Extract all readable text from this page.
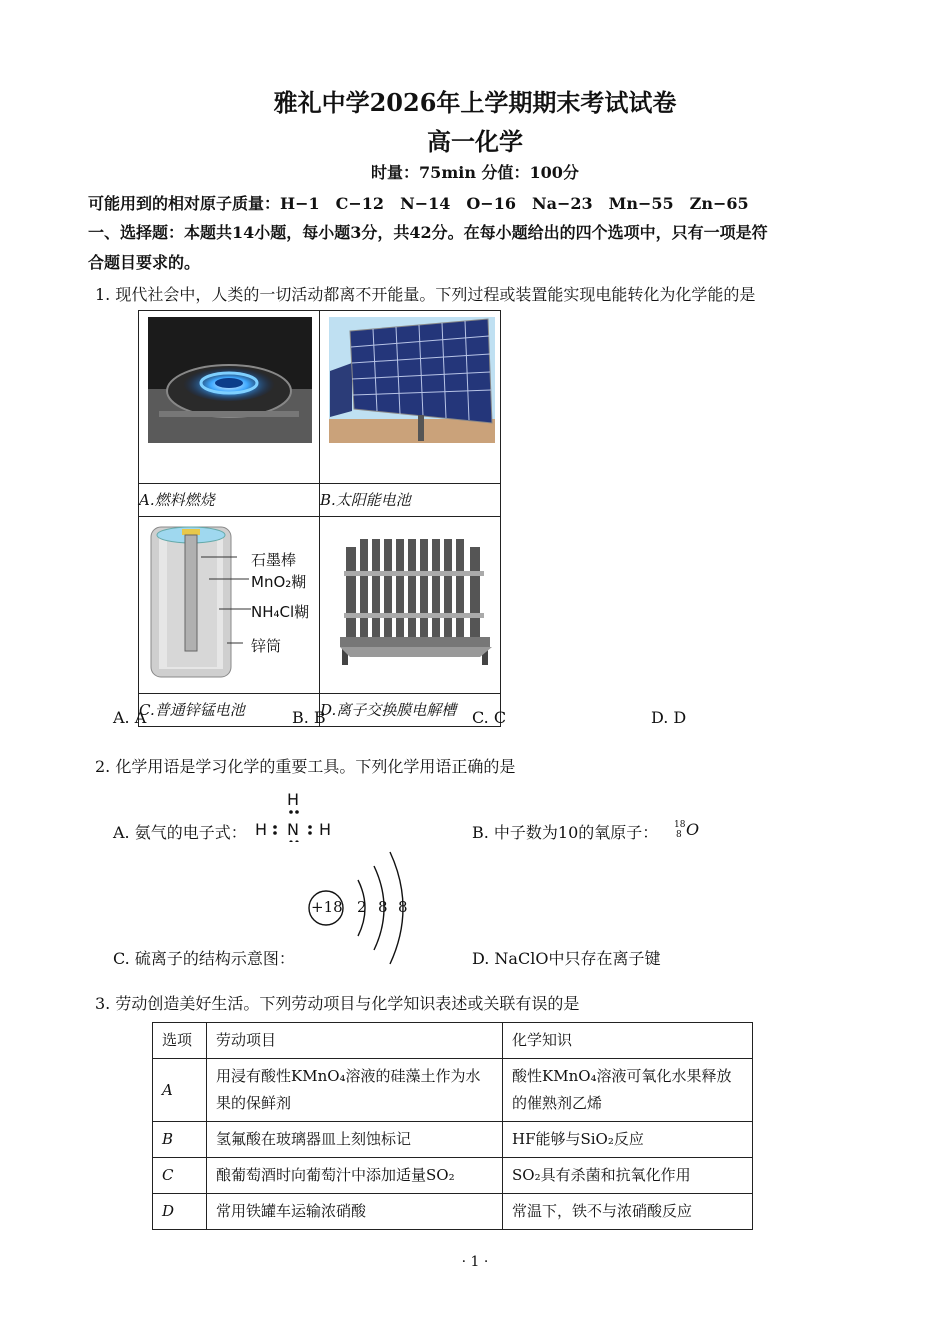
雅礼中学2026年上学期期末考试试卷
高一化学
时量：75min 分值：100分
可能用到的相对原子质量：H−1　C−12　N−14　O−16　Na−23　Mn−55　Zn−65
一、选择题：本题共14小题，每小题3分，共42分。在每小题给出的四个选项中，只有一项是符
合题目要求的。
1. 现代社会中，人类的一切活动都离不开能量。下列过程或装置能实现电能转化为化学能的是

A.燃料燃烧	B.太阳能电池

石墨棒
MnO₂糊
NH₄Cl糊
锌筒

C.普通锌锰电池	D.离子交换膜电解槽
A. A	B. B	C. C	D. D
2. 化学用语是学习化学的重要工具。下列化学用语正确的是
A. 氨气的电子式：
H
H N H	B. 中子数为10的氧原子： 18
8 O
+18 2 8 8
C. 硫离子的结构示意图：	D. NaClO中只存在离子键
3. 劳动创造美好生活。下列劳动项目与化学知识表述或关联有误的是
选项	劳动项目	化学知识
A	用浸有酸性KMnO₄溶液的硅藻土作为水果的保鲜剂	酸性KMnO₄溶液可氧化水果释放的催熟剂乙烯
B	氢氟酸在玻璃器皿上刻蚀标记	HF能够与SiO₂反应
C	酿葡萄酒时向葡萄汁中添加适量SO₂	SO₂具有杀菌和抗氧化作用
D	常用铁罐车运输浓硝酸	常温下，铁不与浓硝酸反应
· 1 ·
